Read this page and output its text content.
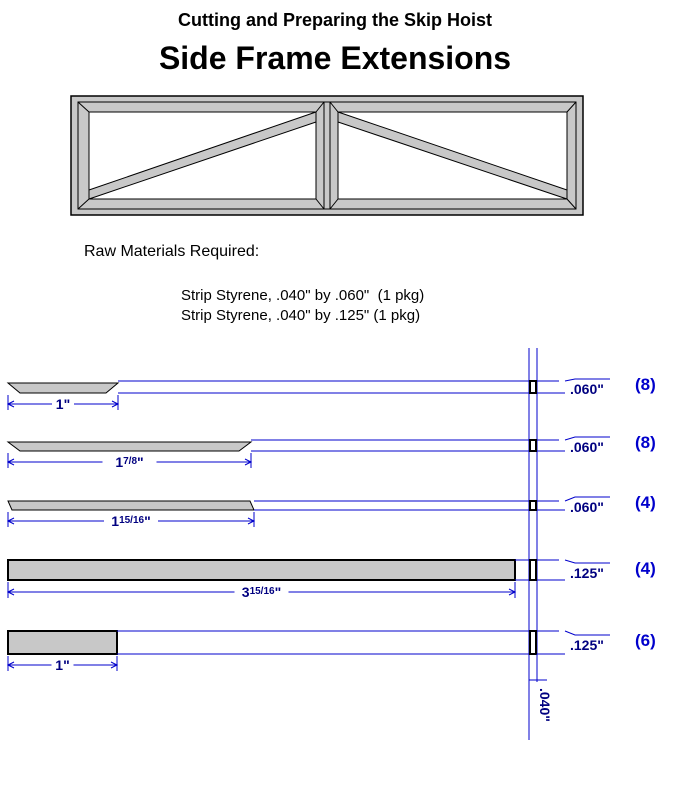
Cutting and Preparing the Skip Hoist
Side Frame Extensions
Raw Materials Required:
Strip Styrene, .040" by .060"  (1 pkg)
Strip Styrene, .040" by .125" (1 pkg)
.060" (8)
1"
.060" (8)
$1^{7/8}$"
.060" (4)
$1^{15/16}$"
.125" (4)
$3^{15/16}$"
.125" (6)
1"
.040"
